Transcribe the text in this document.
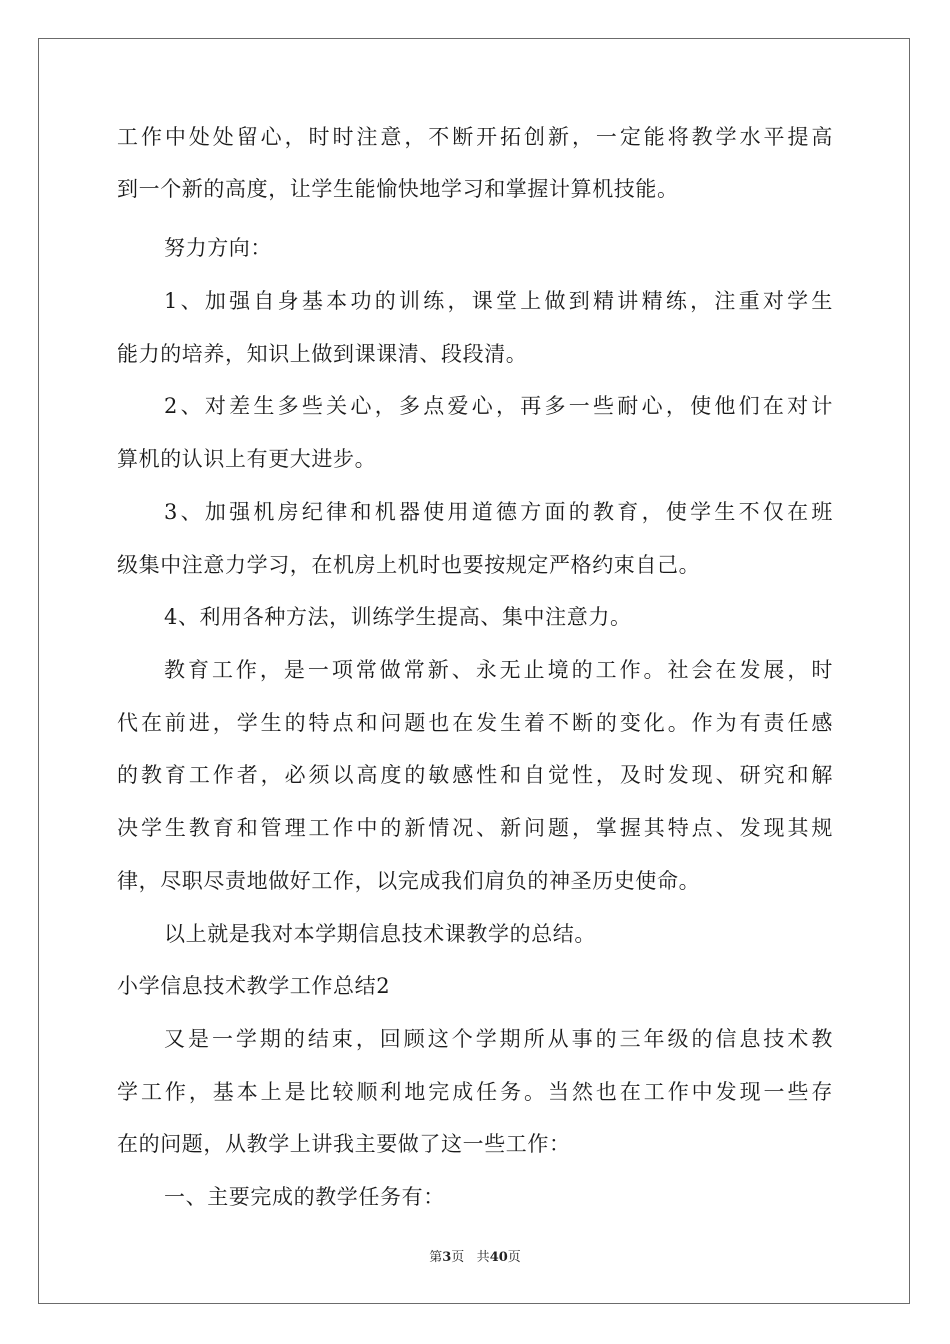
工作中处处留心，时时注意，不断开拓创新，一定能将教学水平提高
到一个新的高度，让学生能愉快地学习和掌握计算机技能。
努力方向：
1、加强自身基本功的训练，课堂上做到精讲精练，注重对学生
能力的培养，知识上做到课课清、段段清。
2、对差生多些关心，多点爱心，再多一些耐心，使他们在对计
算机的认识上有更大进步。
3、加强机房纪律和机器使用道德方面的教育，使学生不仅在班
级集中注意力学习，在机房上机时也要按规定严格约束自己。
4、利用各种方法，训练学生提高、集中注意力。
教育工作，是一项常做常新、永无止境的工作。社会在发展，时
代在前进，学生的特点和问题也在发生着不断的变化。作为有责任感
的教育工作者，必须以高度的敏感性和自觉性，及时发现、研究和解
决学生教育和管理工作中的新情况、新问题，掌握其特点、发现其规
律，尽职尽责地做好工作，以完成我们肩负的神圣历史使命。
以上就是我对本学期信息技术课教学的总结。
小学信息技术教学工作总结2
又是一学期的结束，回顾这个学期所从事的三年级的信息技术教
学工作，基本上是比较顺利地完成任务。当然也在工作中发现一些存
在的问题，从教学上讲我主要做了这一些工作：
一、主要完成的教学任务有：
第3页 共40页
